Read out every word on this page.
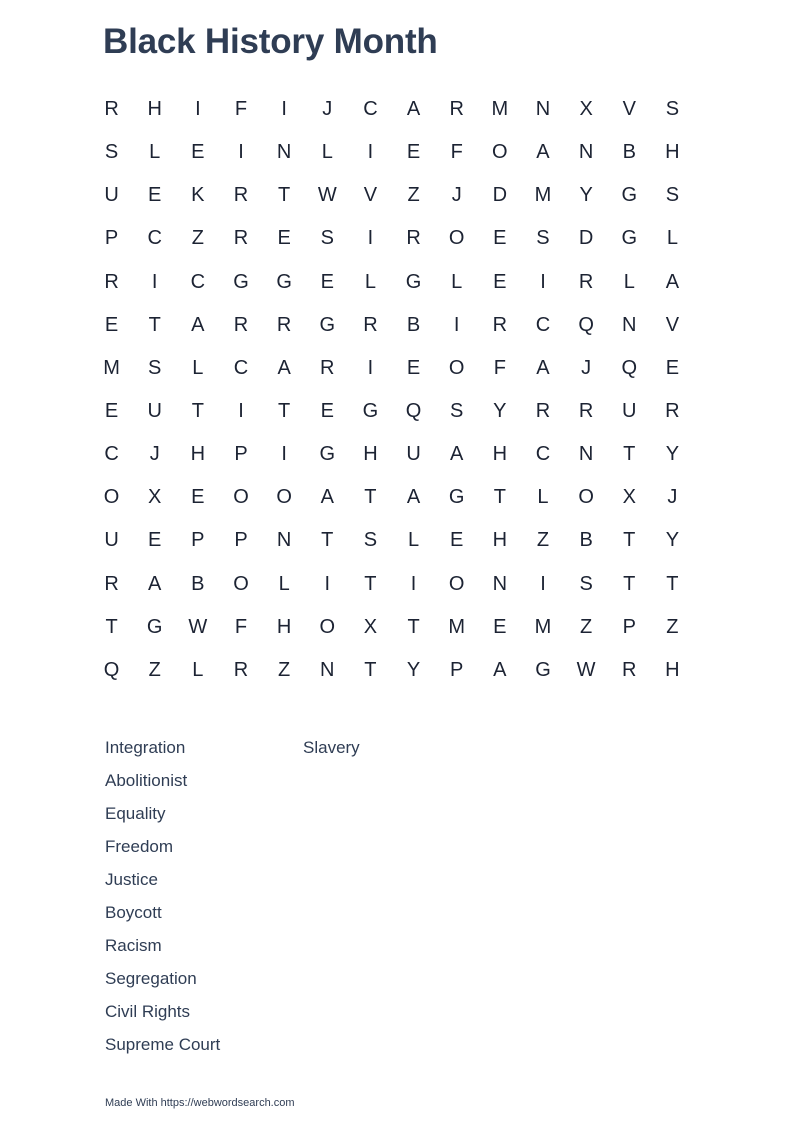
Black History Month
R	H	I	F	I	J	C	A	R	M	N	X	V	S
S	L	E	I	N	L	I	E	F	O	A	N	B	H
U	E	K	R	T	W	V	Z	J	D	M	Y	G	S
P	C	Z	R	E	S	I	R	O	E	S	D	G	L
R	I	C	G	G	E	L	G	L	E	I	R	L	A
E	T	A	R	R	G	R	B	I	R	C	Q	N	V
M	S	L	C	A	R	I	E	O	F	A	J	Q	E
E	U	T	I	T	E	G	Q	S	Y	R	R	U	R
C	J	H	P	I	G	H	U	A	H	C	N	T	Y
O	X	E	O	O	A	T	A	G	T	L	O	X	J
U	E	P	P	N	T	S	L	E	H	Z	B	T	Y
R	A	B	O	L	I	T	I	O	N	I	S	T	T
T	G	W	F	H	O	X	T	M	E	M	Z	P	Z
Q	Z	L	R	Z	N	T	Y	P	A	G	W	R	H
Integration
Abolitionist
Equality
Freedom
Justice
Boycott
Racism
Segregation
Civil Rights
Supreme Court
Slavery
Made With https://webwordsearch.com
